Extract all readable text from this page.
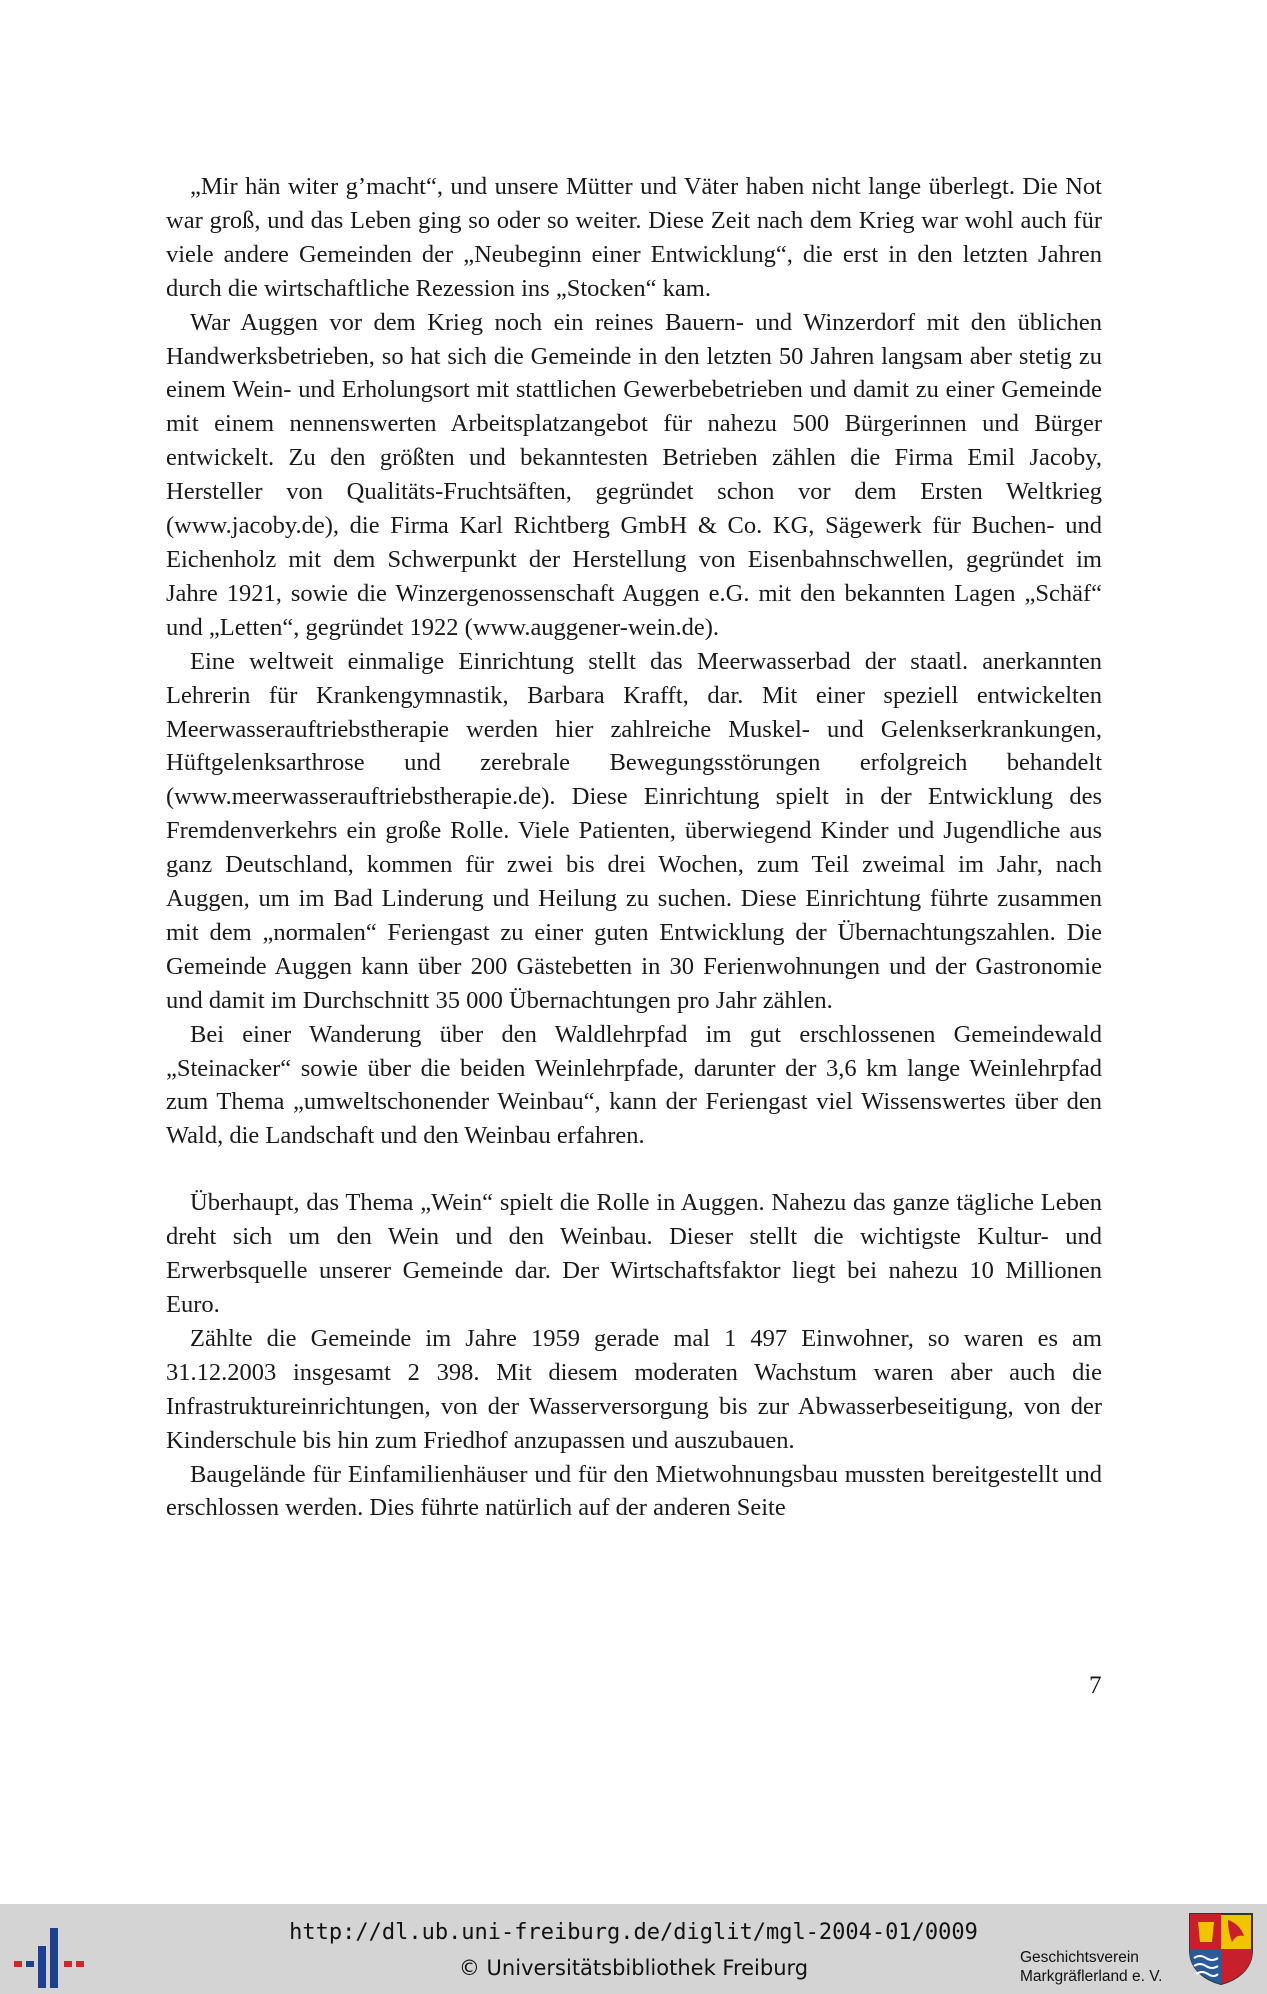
„Mir hän witer g’macht“, und unsere Mütter und Väter haben nicht lange überlegt. Die Not war groß, und das Leben ging so oder so weiter. Diese Zeit nach dem Krieg war wohl auch für viele andere Gemeinden der „Neubeginn einer Entwicklung“, die erst in den letzten Jahren durch die wirtschaftliche Rezession ins „Stocken“ kam.

War Auggen vor dem Krieg noch ein reines Bauern- und Winzerdorf mit den üblichen Handwerksbetrieben, so hat sich die Gemeinde in den letzten 50 Jahren langsam aber stetig zu einem Wein- und Erholungsort mit stattlichen Gewerbebetrieben und damit zu einer Gemeinde mit einem nennenswerten Arbeitsplatzangebot für nahezu 500 Bürgerinnen und Bürger entwickelt. Zu den größten und bekanntesten Betrieben zählen die Firma Emil Jacoby, Hersteller von Qualitäts-Fruchtsäften, gegründet schon vor dem Ersten Weltkrieg (www.jacoby.de), die Firma Karl Richtberg GmbH & Co. KG, Sägewerk für Buchen- und Eichenholz mit dem Schwerpunkt der Herstellung von Eisenbahnschwellen, gegründet im Jahre 1921, sowie die Winzergenossenschaft Auggen e.G. mit den bekannten Lagen „Schäf“ und „Letten“, gegründet 1922 (www.auggener-wein.de).

Eine weltweit einmalige Einrichtung stellt das Meerwasserbad der staatl. anerkannten Lehrerin für Krankengymnastik, Barbara Krafft, dar. Mit einer speziell entwickelten Meerwasserauftriebstherapie werden hier zahlreiche Muskel- und Gelenkserkrankungen, Hüftgelenksarthrose und zerebrale Bewegungsstörungen erfolgreich behandelt (www.meerwasserauftriebstherapie.de). Diese Einrichtung spielt in der Entwicklung des Fremdenverkehrs ein große Rolle. Viele Patienten, überwiegend Kinder und Jugendliche aus ganz Deutschland, kommen für zwei bis drei Wochen, zum Teil zweimal im Jahr, nach Auggen, um im Bad Linderung und Heilung zu suchen. Diese Einrichtung führte zusammen mit dem „normalen“ Feriengast zu einer guten Entwicklung der Übernachtungszahlen. Die Gemeinde Auggen kann über 200 Gästebetten in 30 Ferienwohnungen und der Gastronomie und damit im Durchschnitt 35 000 Übernachtungen pro Jahr zählen.

Bei einer Wanderung über den Waldlehrpfad im gut erschlossenen Gemeindewald „Steinacker“ sowie über die beiden Weinlehrpfade, darunter der 3,6 km lange Weinlehrpfad zum Thema „umweltschonender Weinbau“, kann der Feriengast viel Wissenswertes über den Wald, die Landschaft und den Weinbau erfahren.

Überhaupt, das Thema „Wein“ spielt die Rolle in Auggen. Nahezu das ganze tägliche Leben dreht sich um den Wein und den Weinbau. Dieser stellt die wichtigste Kultur- und Erwerbsquelle unserer Gemeinde dar. Der Wirtschaftsfaktor liegt bei nahezu 10 Millionen Euro.

Zählte die Gemeinde im Jahre 1959 gerade mal 1 497 Einwohner, so waren es am 31.12.2003 insgesamt 2 398. Mit diesem moderaten Wachstum waren aber auch die Infrastruktureinrichtungen, von der Wasserversorgung bis zur Abwasserbeseitigung, von der Kinderschule bis hin zum Friedhof anzupassen und auszubauen.

Baugelände für Einfamilienhäuser und für den Mietwohnungsbau mussten bereitgestellt und erschlossen werden. Dies führte natürlich auf der anderen Seite

7
http://dl.ub.uni-freiburg.de/diglit/mgl-2004-01/0009
© Universitätsbibliothek Freiburg	Geschichtsverein
Markgräflerland e. V.
